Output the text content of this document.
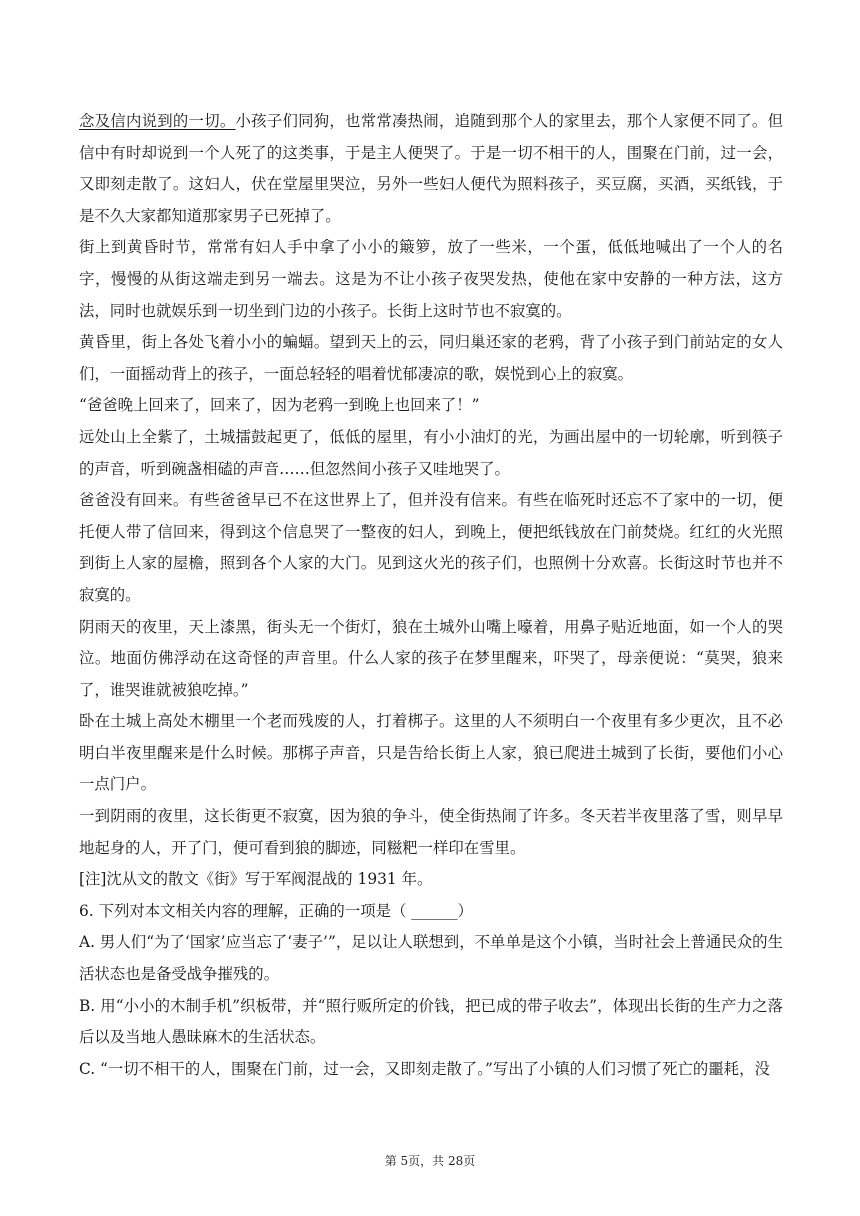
念及信内说到的一切。小孩子们同狗，也常常凑热闹，追随到那个人的家里去，那个人家便不同了。但信中有时却说到一个人死了的这类事，于是主人便哭了。于是一切不相干的人，围聚在门前，过一会，又即刻走散了。这妇人，伏在堂屋里哭泣，另外一些妇人便代为照料孩子，买豆腐，买酒，买纸钱，于是不久大家都知道那家男子已死掉了。

街上到黄昏时节，常常有妇人手中拿了小小的簸箩，放了一些米，一个蛋，低低地喊出了一个人的名字，慢慢的从街这端走到另一端去。这是为不让小孩子夜哭发热，使他在家中安静的一种方法，这方法，同时也就娱乐到一切坐到门边的小孩子。长街上这时节也不寂寞的。

黄昏里，街上各处飞着小小的蝙蝠。望到天上的云，同归巢还家的老鸦，背了小孩子到门前站定的女人们，一面摇动背上的孩子，一面总轻轻的唱着忧郁凄凉的歌，娱悦到心上的寂寞。

“爸爸晚上回来了，回来了，因为老鸦一到晚上也回来了！”

远处山上全紫了，土城擂鼓起更了，低低的屋里，有小小油灯的光，为画出屋中的一切轮廓，听到筷子的声音，听到碗盏相磕的声音……但忽然间小孩子又哇地哭了。

爸爸没有回来。有些爸爸早已不在这世界上了，但并没有信来。有些在临死时还忘不了家中的一切，便托便人带了信回来，得到这个信息哭了一整夜的妇人，到晚上，便把纸钱放在门前焚烧。红红的火光照到街上人家的屋檐，照到各个人家的大门。见到这火光的孩子们，也照例十分欢喜。长街这时节也并不寂寞的。

阴雨天的夜里，天上漆黑，街头无一个街灯，狼在土城外山嘴上嚎着，用鼻子贴近地面，如一个人的哭泣。地面仿佛浮动在这奇怪的声音里。什么人家的孩子在梦里醒来，吓哭了，母亲便说：“莫哭，狼来了，谁哭谁就被狼吃掉。”

卧在土城上高处木棚里一个老而残废的人，打着梆子。这里的人不须明白一个夜里有多少更次，且不必明白半夜里醒来是什么时候。那梆子声音，只是告给长街上人家，狼已爬进土城到了长街，要他们小心一点门户。

一到阴雨的夜里，这长街更不寂寞，因为狼的争斗，使全街热闹了许多。冬天若半夜里落了雪，则早早地起身的人，开了门，便可看到狼的脚迹，同糍粑一样印在雪里。

[注]沈从文的散文《街》写于军阀混战的 1931 年。

6. 下列对本文相关内容的理解，正确的一项是（ ______）

A. 男人们“为了‘国家’应当忘了‘妻子’”，足以让人联想到，不单单是这个小镇，当时社会上普通民众的生活状态也是备受战争摧残的。

B. 用“小小的木制手机”织板带，并“照行贩所定的价钱，把已成的带子收去”，体现出长街的生产力之落后以及当地人愚昧麻木的生活状态。

C. “一切不相干的人，围聚在门前，过一会，又即刻走散了。”写出了小镇的人们习惯了死亡的噩耗，没

第 5页，共 28页
